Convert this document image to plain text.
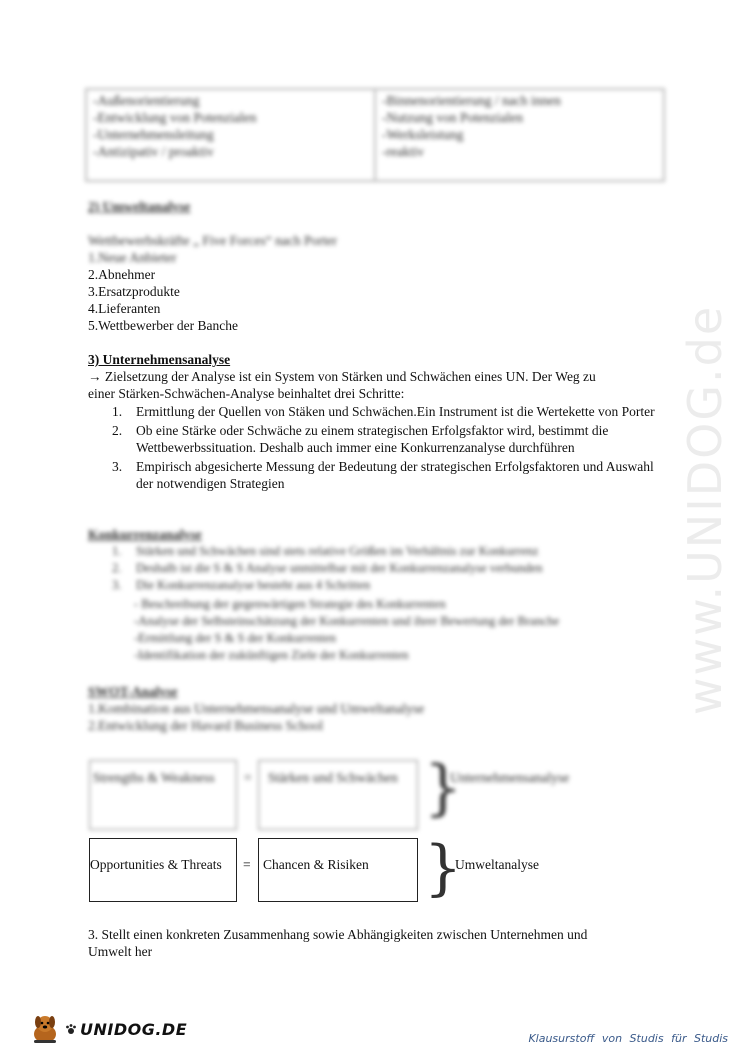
-Außenorientierung
-Entwicklung von Potenzialen
-Unternehmensleitung
-Antizipativ / proaktiv
-Binnenorientierung / nach innen
-Nutzung von Potenzialen
-Werksleistung
-reaktiv
2) Umweltanalyse
Wettbewerbskräfte „ Five Forces“ nach Porter
1.Neue Anbieter
2.Abnehmer
3.Ersatzprodukte
4.Lieferanten
5.Wettbewerber der Banche
3) Unternehmensanalyse
→ Zielsetzung der Analyse ist ein System von Stärken und Schwächen eines UN. Der Weg zu
einer Stärken-Schwächen-Analyse beinhaltet drei Schritte:
1. Ermittlung der Quellen von Stäken und Schwächen.Ein Instrument ist die Wertekette von Porter
2. Ob eine Stärke oder Schwäche zu einem strategischen Erfolgsfaktor wird, bestimmt die Wettbewerbssituation. Deshalb auch immer eine Konkurrenzanalyse durchführen
3. Empirisch abgesicherte Messung der Bedeutung der strategischen Erfolgsfaktoren und Auswahl der notwendigen Strategien
Konkurrenzanalyse
1. Stärken und Schwächen sind stets relative Größen im Verhältnis zur Konkurrenz
2. Deshalb ist die S & S Analyse unmittelbar mit der Konkurrenzanalyse verbunden
3. Die Konkurrenzanalyse besteht aus 4 Schritten
- Beschreibung der gegenwärtigen Strategie des Konkurrenten
-Analyse der Selbsteinschätzung der Konkurrenten und ihrer Bewertung der Branche
-Ermittlung der S & S der Konkurrenten
-Identifikation der zukünftigen Ziele der Konkurrenten
SWOT-Analyse
1.Kombination aus Unternehmensanalyse und Umweltanalyse
2.Entwicklung der Havard Business School
Strengths & Weakness = Stärken und Schwächen }
Unternehmensanalyse
Opportunities & Threats = Chancen & Risiken }
Umweltanalyse
3. Stellt einen konkreten Zusammenhang sowie Abhängigkeiten zwischen Unternehmen und
Umwelt her
www.UNIDOG.de
UNIDOG.DE	Klausurstoff von Studis für Studis
